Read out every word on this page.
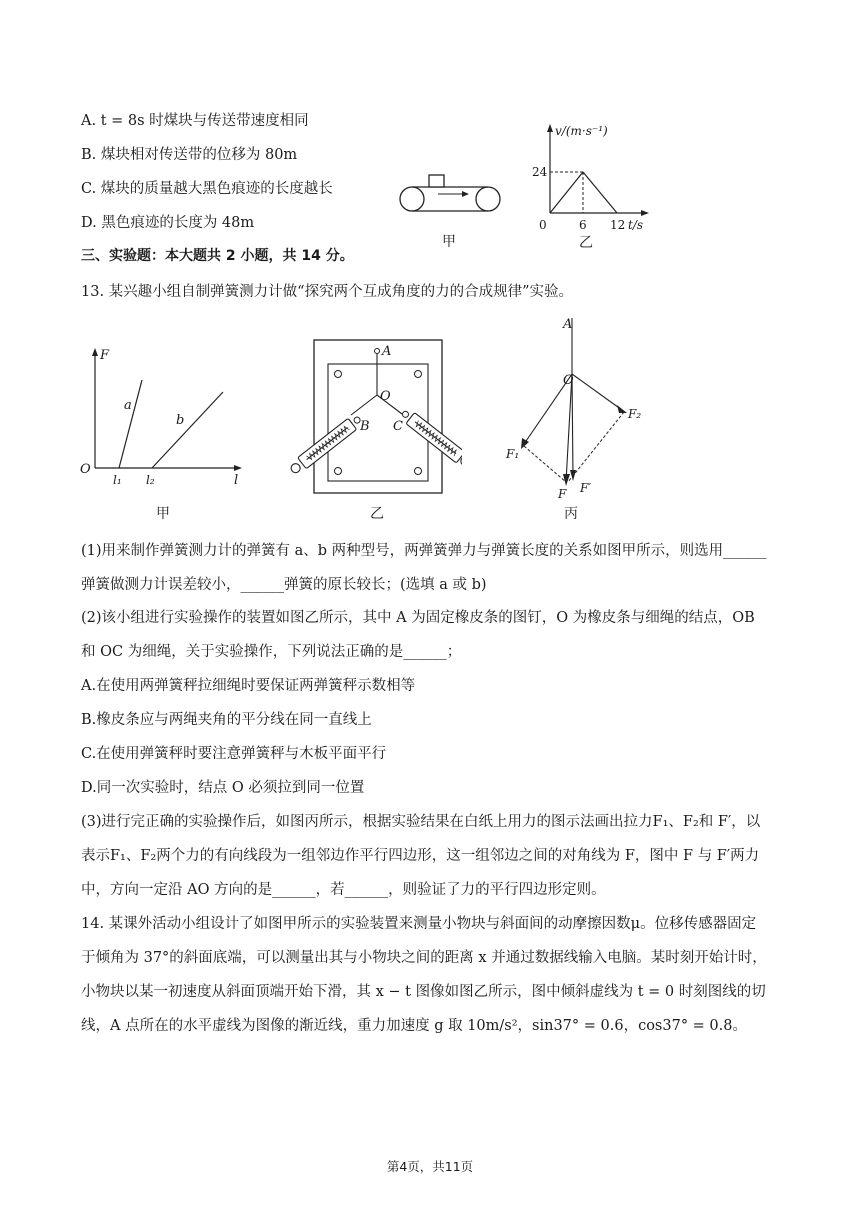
A. t = 8s 时煤块与传送带速度相同
B. 煤块相对传送带的位移为 80m
C. 煤块的质量越大黑色痕迹的长度越长
D. 黑色痕迹的长度为 48m
甲
v/(m·s⁻¹)
24
0	6 12 t/s
乙
三、实验题：本大题共 2 小题，共 14 分。
13. 某兴趣小组自制弹簧测力计做“探究两个互成角度的力的合成规律”实验。
F
O
a
b
l₁ l₂	l
甲
A
O
B C
乙
A
O
F₁
F₂
F F′
丙
(1)用来制作弹簧测力计的弹簧有 a、b 两种型号，两弹簧弹力与弹簧长度的关系如图甲所示，则选用______
弹簧做测力计误差较小，______弹簧的原长较长；(选填 a 或 b)
(2)该小组进行实验操作的装置如图乙所示，其中 A 为固定橡皮条的图钉，O 为橡皮条与细绳的结点，OB
和 OC 为细绳，关于实验操作，下列说法正确的是______；
A.在使用两弹簧秤拉细绳时要保证两弹簧秤示数相等
B.橡皮条应与两绳夹角的平分线在同一直线上
C.在使用弹簧秤时要注意弹簧秤与木板平面平行
D.同一次实验时，结点 O 必须拉到同一位置
(3)进行完正确的实验操作后，如图丙所示，根据实验结果在白纸上用力的图示法画出拉力F₁、F₂和 F′，以
表示F₁、F₂两个力的有向线段为一组邻边作平行四边形，这一组邻边之间的对角线为 F，图中 F 与 F′两力
中，方向一定沿 AO 方向的是______，若______，则验证了力的平行四边形定则。
14. 某课外活动小组设计了如图甲所示的实验装置来测量小物块与斜面间的动摩擦因数μ。位移传感器固定
于倾角为 37°的斜面底端，可以测量出其与小物块之间的距离 x 并通过数据线输入电脑。某时刻开始计时，
小物块以某一初速度从斜面顶端开始下滑，其 x − t 图像如图乙所示，图中倾斜虚线为 t = 0 时刻图线的切
线，A 点所在的水平虚线为图像的渐近线，重力加速度 g 取 10m/s²，sin37° = 0.6，cos37° = 0.8。
第4页，共11页
